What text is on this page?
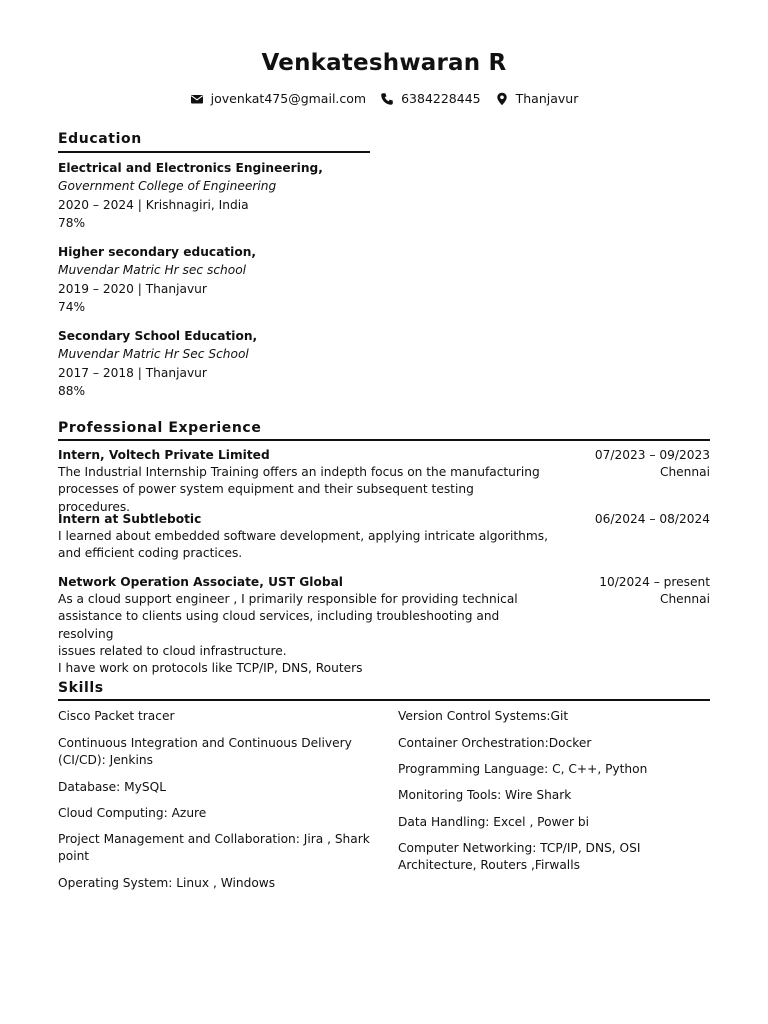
Venkateshwaran R
jovenkat475@gmail.com	6384228445	Thanjavur
Education
Electrical and Electronics Engineering,
Government College of Engineering
2020 – 2024 | Krishnagiri, India
78%
Higher secondary education,
Muvendar Matric Hr sec school
2019 – 2020 | Thanjavur
74%
Secondary School Education,
Muvendar Matric Hr Sec School
2017 – 2018 | Thanjavur
88%
Professional Experience
Intern, Voltech Private Limited
The Industrial Internship Training offers an indepth focus on the manufacturing
processes of power system equipment and their subsequent testing procedures.
07/2023 – 09/2023
Chennai
Intern at Subtlebotic
I learned about embedded software development, applying intricate algorithms,
and efficient coding practices.
06/2024 – 08/2024
Network Operation Associate, UST Global
As a cloud support engineer , I primarily responsible for providing technical
assistance to clients using cloud services, including troubleshooting and resolving
issues related to cloud infrastructure.
I have work on protocols like TCP/IP, DNS, Routers
10/2024 – present
Chennai
Skills
Cisco Packet tracer
Continuous Integration and Continuous Delivery
(CI/CD): Jenkins
Database: MySQL
Cloud Computing: Azure
Project Management and Collaboration: Jira , Shark
point
Operating System: Linux , Windows
Version Control Systems:Git
Container Orchestration:Docker
Programming Language: C, C++, Python
Monitoring Tools: Wire Shark
Data Handling: Excel , Power bi
Computer Networking: TCP/IP, DNS, OSI
Architecture, Routers ,Firwalls
